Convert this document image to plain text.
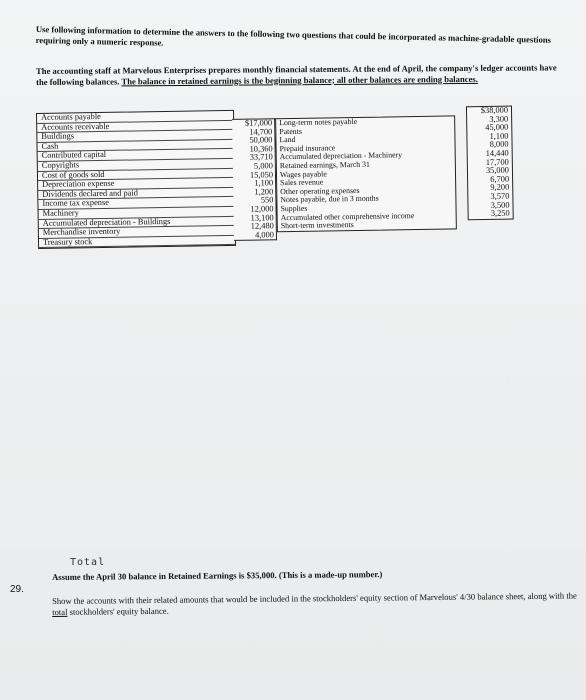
Use following information to determine the answers to the following two questions that could be incorporated as machine-gradable questions requiring only a numeric response.
The accounting staff at Marvelous Enterprises prepares monthly financial statements. At the end of April, the company's ledger accounts have the following balances. The balance in retained earnings is the beginning balance; all other balances are ending balances.
Accounts payable
Accounts receivable
Buildings
Cash
Contributed capital
Copyrights
Cost of goods sold
Depreciation expense
Dividends declared and paid
Income tax expense
Machinery
Accumulated depreciation - Buildings
Merchandise inventory
Treasury stock
$17,000
14,700
50,000
10,360
33,710
5,000
15,050
1,100
1,200
550
12,000
13,100
12,480
4,000
Long-term notes payable
Patents
Land
Prepaid insurance
Accumulated depreciation - Machinery
Retained earnings, March 31
Wages payable
Sales revenue
Other operating expenses
Notes payable, due in 3 months
Supplies
Accumulated other comprehensive income
Short-term investments
$38,000
3,300
45,000
1,100
8,000
14,440
17,700
35,000
6,700
9,200
3,570
3,500
3,250
Total
29.
Assume the April 30 balance in Retained Earnings is $35,000. (This is a made-up number.)
Show the accounts with their related amounts that would be included in the stockholders' equity section of Marvelous' 4/30 balance sheet, along with the total stockholders' equity balance.
